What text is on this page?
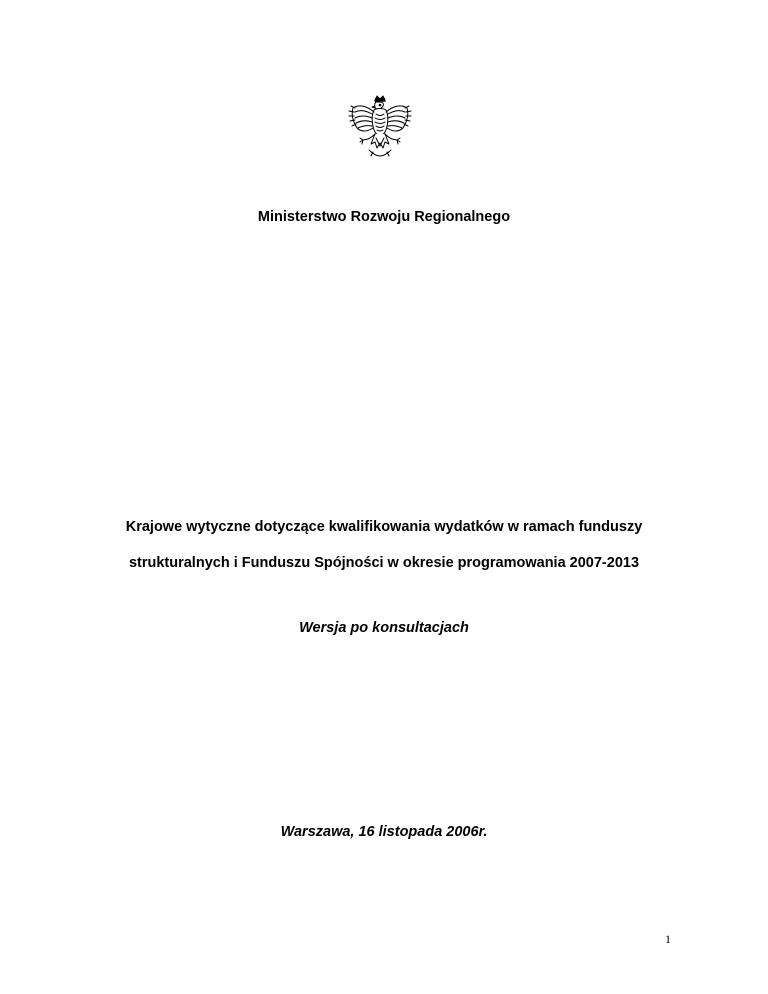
Ministerstwo Rozwoju Regionalnego
Krajowe wytyczne dotyczące kwalifikowania wydatków w ramach funduszy
strukturalnych i Funduszu Spójności w okresie programowania 2007-2013
Wersja po konsultacjach
Warszawa, 16 listopada 2006r.
1
